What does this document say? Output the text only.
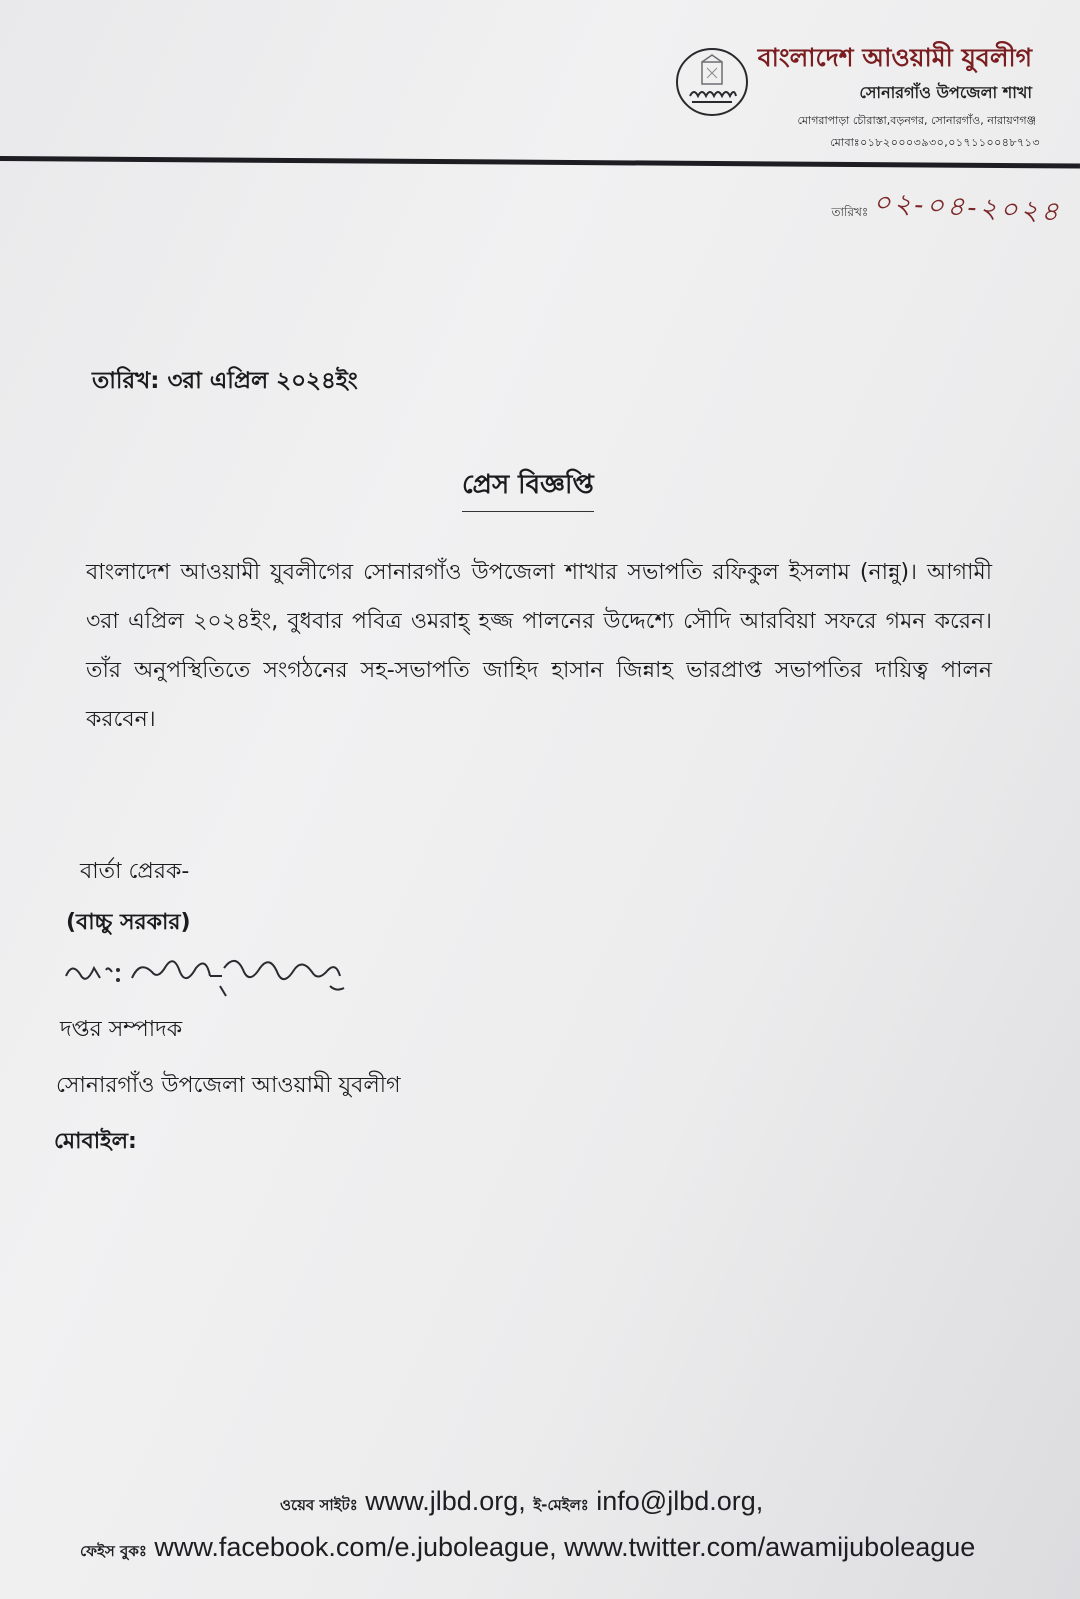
বাংলাদেশ আওয়ামী যুবলীগ
সোনারগাঁও উপজেলা শাখা
মোগরাপাড়া চৌরাস্তা,বড়নগর, সোনারগাঁও, নারায়ণগঞ্জ
মোবাঃ০১৮২০০০৩৯৩০,০১৭১১০০৪৮৭১৩
তারিখঃ ০২-০৪-২০২৪
তারিখ: ৩রা এপ্রিল ২০২৪ইং
প্রেস বিজ্ঞপ্তি
বাংলাদেশ আওয়ামী যুবলীগের সোনারগাঁও উপজেলা শাখার সভাপতি রফিকুল ইসলাম (নান্নু)। আগামী ৩রা এপ্রিল ২০২৪ইং, বুধবার পবিত্র ওমরাহ্ হজ্জ পালনের উদ্দেশ্যে সৌদি আরবিয়া সফরে গমন করেন। তাঁর অনুপস্থিতিতে সংগঠনের সহ-সভাপতি জাহিদ হাসান জিন্নাহ ভারপ্রাপ্ত সভাপতির দায়িত্ব পালন করবেন।
বার্তা প্রেরক-
(বাচ্চু সরকার)
দপ্তর সম্পাদক
সোনারগাঁও উপজেলা আওয়ামী যুবলীগ
মোবাইল:
ওয়েব সাইটঃ www.jlbd.org, ই-মেইলঃ info@jlbd.org,
ফেইস বুকঃ www.facebook.com/e.juboleague, www.twitter.com/awamijuboleague
